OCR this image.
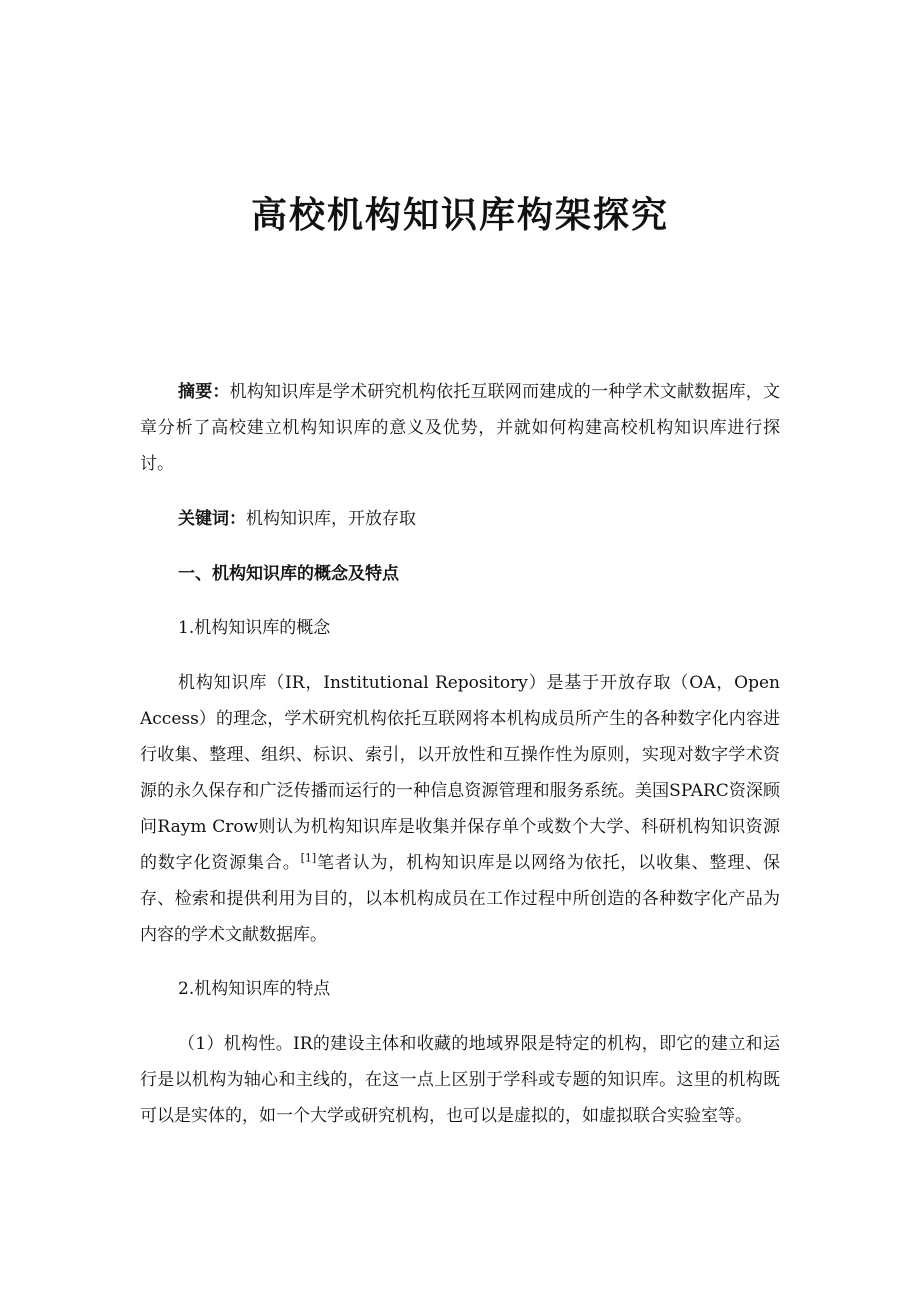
高校机构知识库构架探究

摘要：机构知识库是学术研究机构依托互联网而建成的一种学术文献数据库，文章分析了高校建立机构知识库的意义及优势，并就如何构建高校机构知识库进行探讨。

关键词：机构知识库，开放存取

一、机构知识库的概念及特点

1.机构知识库的概念

机构知识库（IR，Institutional Repository）是基于开放存取（OA，Open Access）的理念，学术研究机构依托互联网将本机构成员所产生的各种数字化内容进行收集、整理、组织、标识、索引，以开放性和互操作性为原则，实现对数字学术资源的永久保存和广泛传播而运行的一种信息资源管理和服务系统。美国SPARC资深顾问Raym Crow则认为机构知识库是收集并保存单个或数个大学、科研机构知识资源的数字化资源集合。[1]笔者认为，机构知识库是以网络为依托，以收集、整理、保存、检索和提供利用为目的，以本机构成员在工作过程中所创造的各种数字化产品为内容的学术文献数据库。

2.机构知识库的特点

（1）机构性。IR的建设主体和收藏的地域界限是特定的机构，即它的建立和运行是以机构为轴心和主线的，在这一点上区别于学科或专题的知识库。这里的机构既可以是实体的，如一个大学或研究机构，也可以是虚拟的，如虚拟联合实验室等。
